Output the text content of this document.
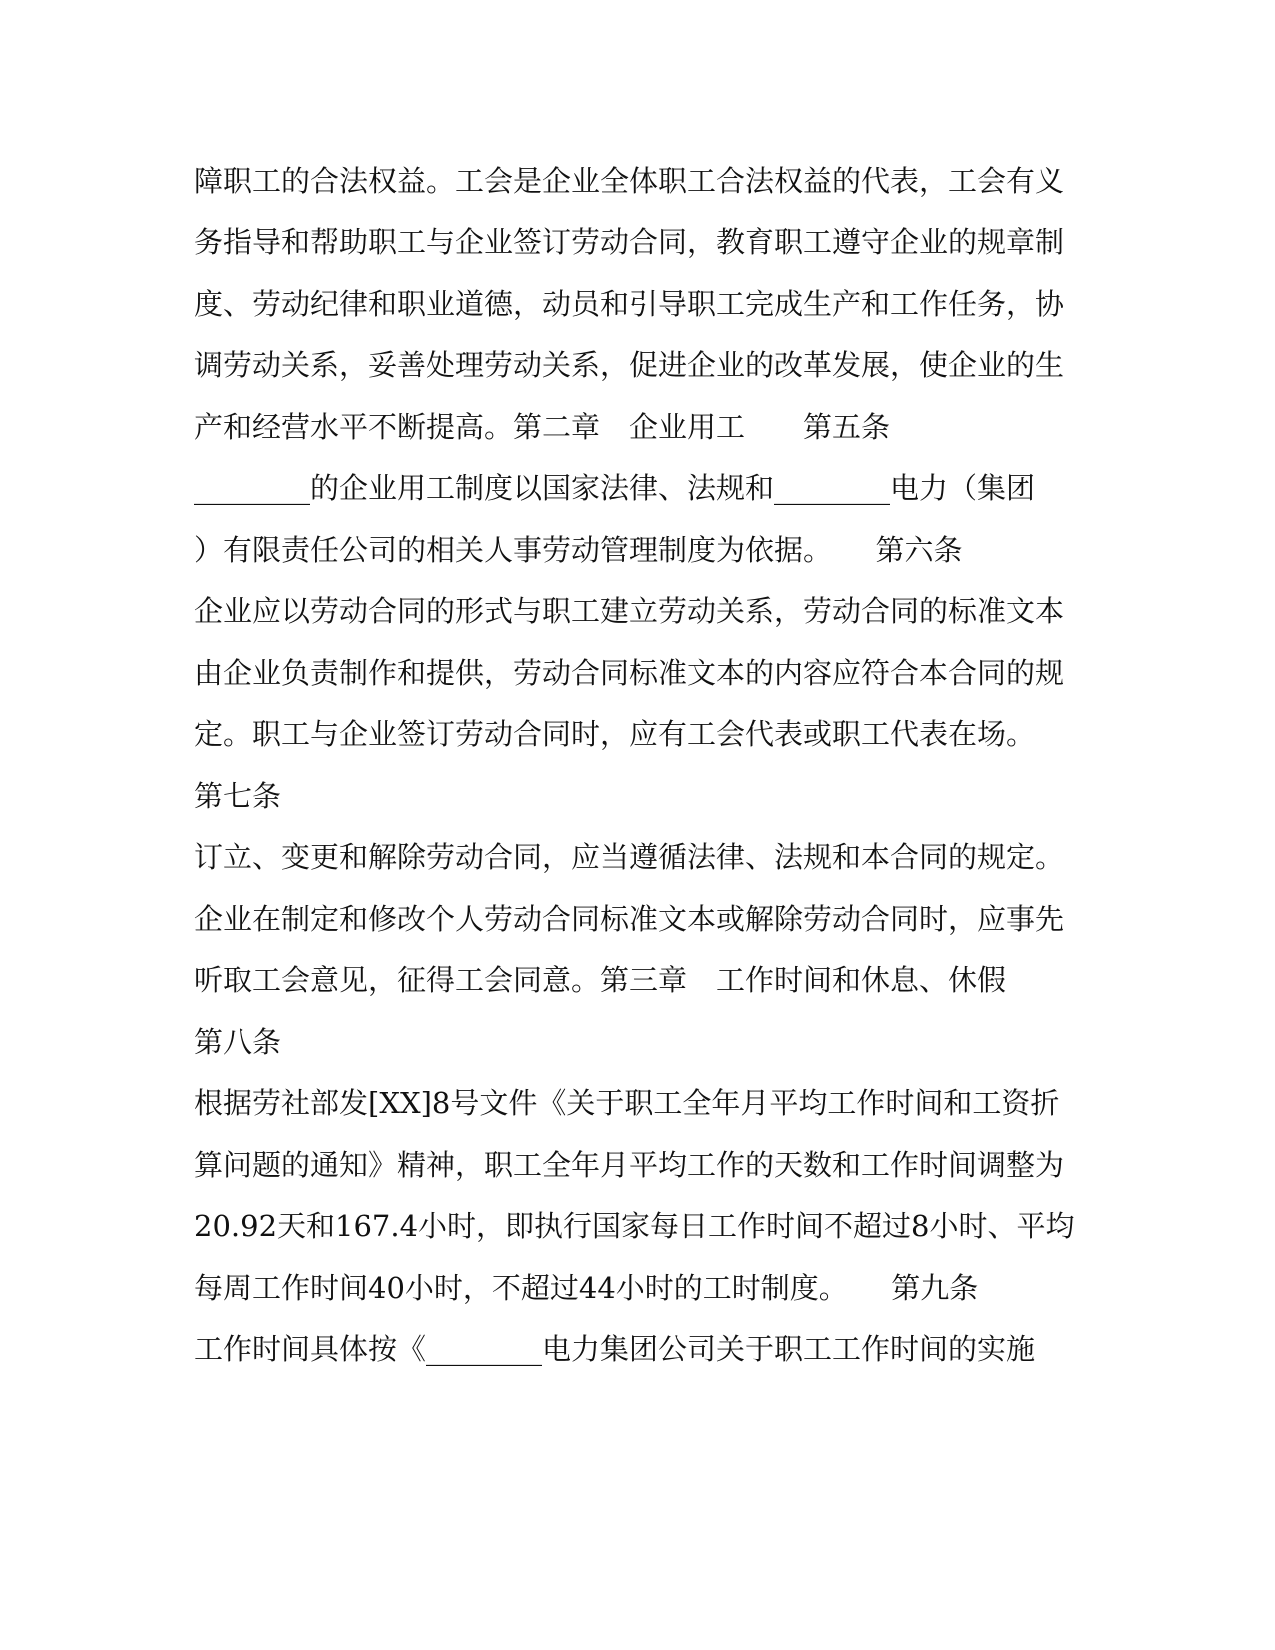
障职工的合法权益。工会是企业全体职工合法权益的代表，工会有义
务指导和帮助职工与企业签订劳动合同，教育职工遵守企业的规章制
度、劳动纪律和职业道德，动员和引导职工完成生产和工作任务，协
调劳动关系，妥善处理劳动关系，促进企业的改革发展，使企业的生
产和经营水平不断提高。第二章　企业用工　　第五条
________的企业用工制度以国家法律、法规和________电力（集团
）有限责任公司的相关人事劳动管理制度为依据。　　第六条
企业应以劳动合同的形式与职工建立劳动关系，劳动合同的标准文本
由企业负责制作和提供，劳动合同标准文本的内容应符合本合同的规
定。职工与企业签订劳动合同时，应有工会代表或职工代表在场。
第七条
订立、变更和解除劳动合同，应当遵循法律、法规和本合同的规定。
企业在制定和修改个人劳动合同标准文本或解除劳动合同时，应事先
听取工会意见，征得工会同意。第三章　工作时间和休息、休假
第八条
根据劳社部发[XX]8号文件《关于职工全年月平均工作时间和工资折
算问题的通知》精神，职工全年月平均工作的天数和工作时间调整为
20.92天和167.4小时，即执行国家每日工作时间不超过8小时、平均
每周工作时间40小时，不超过44小时的工时制度。　　第九条
工作时间具体按《________电力集团公司关于职工工作时间的实施
